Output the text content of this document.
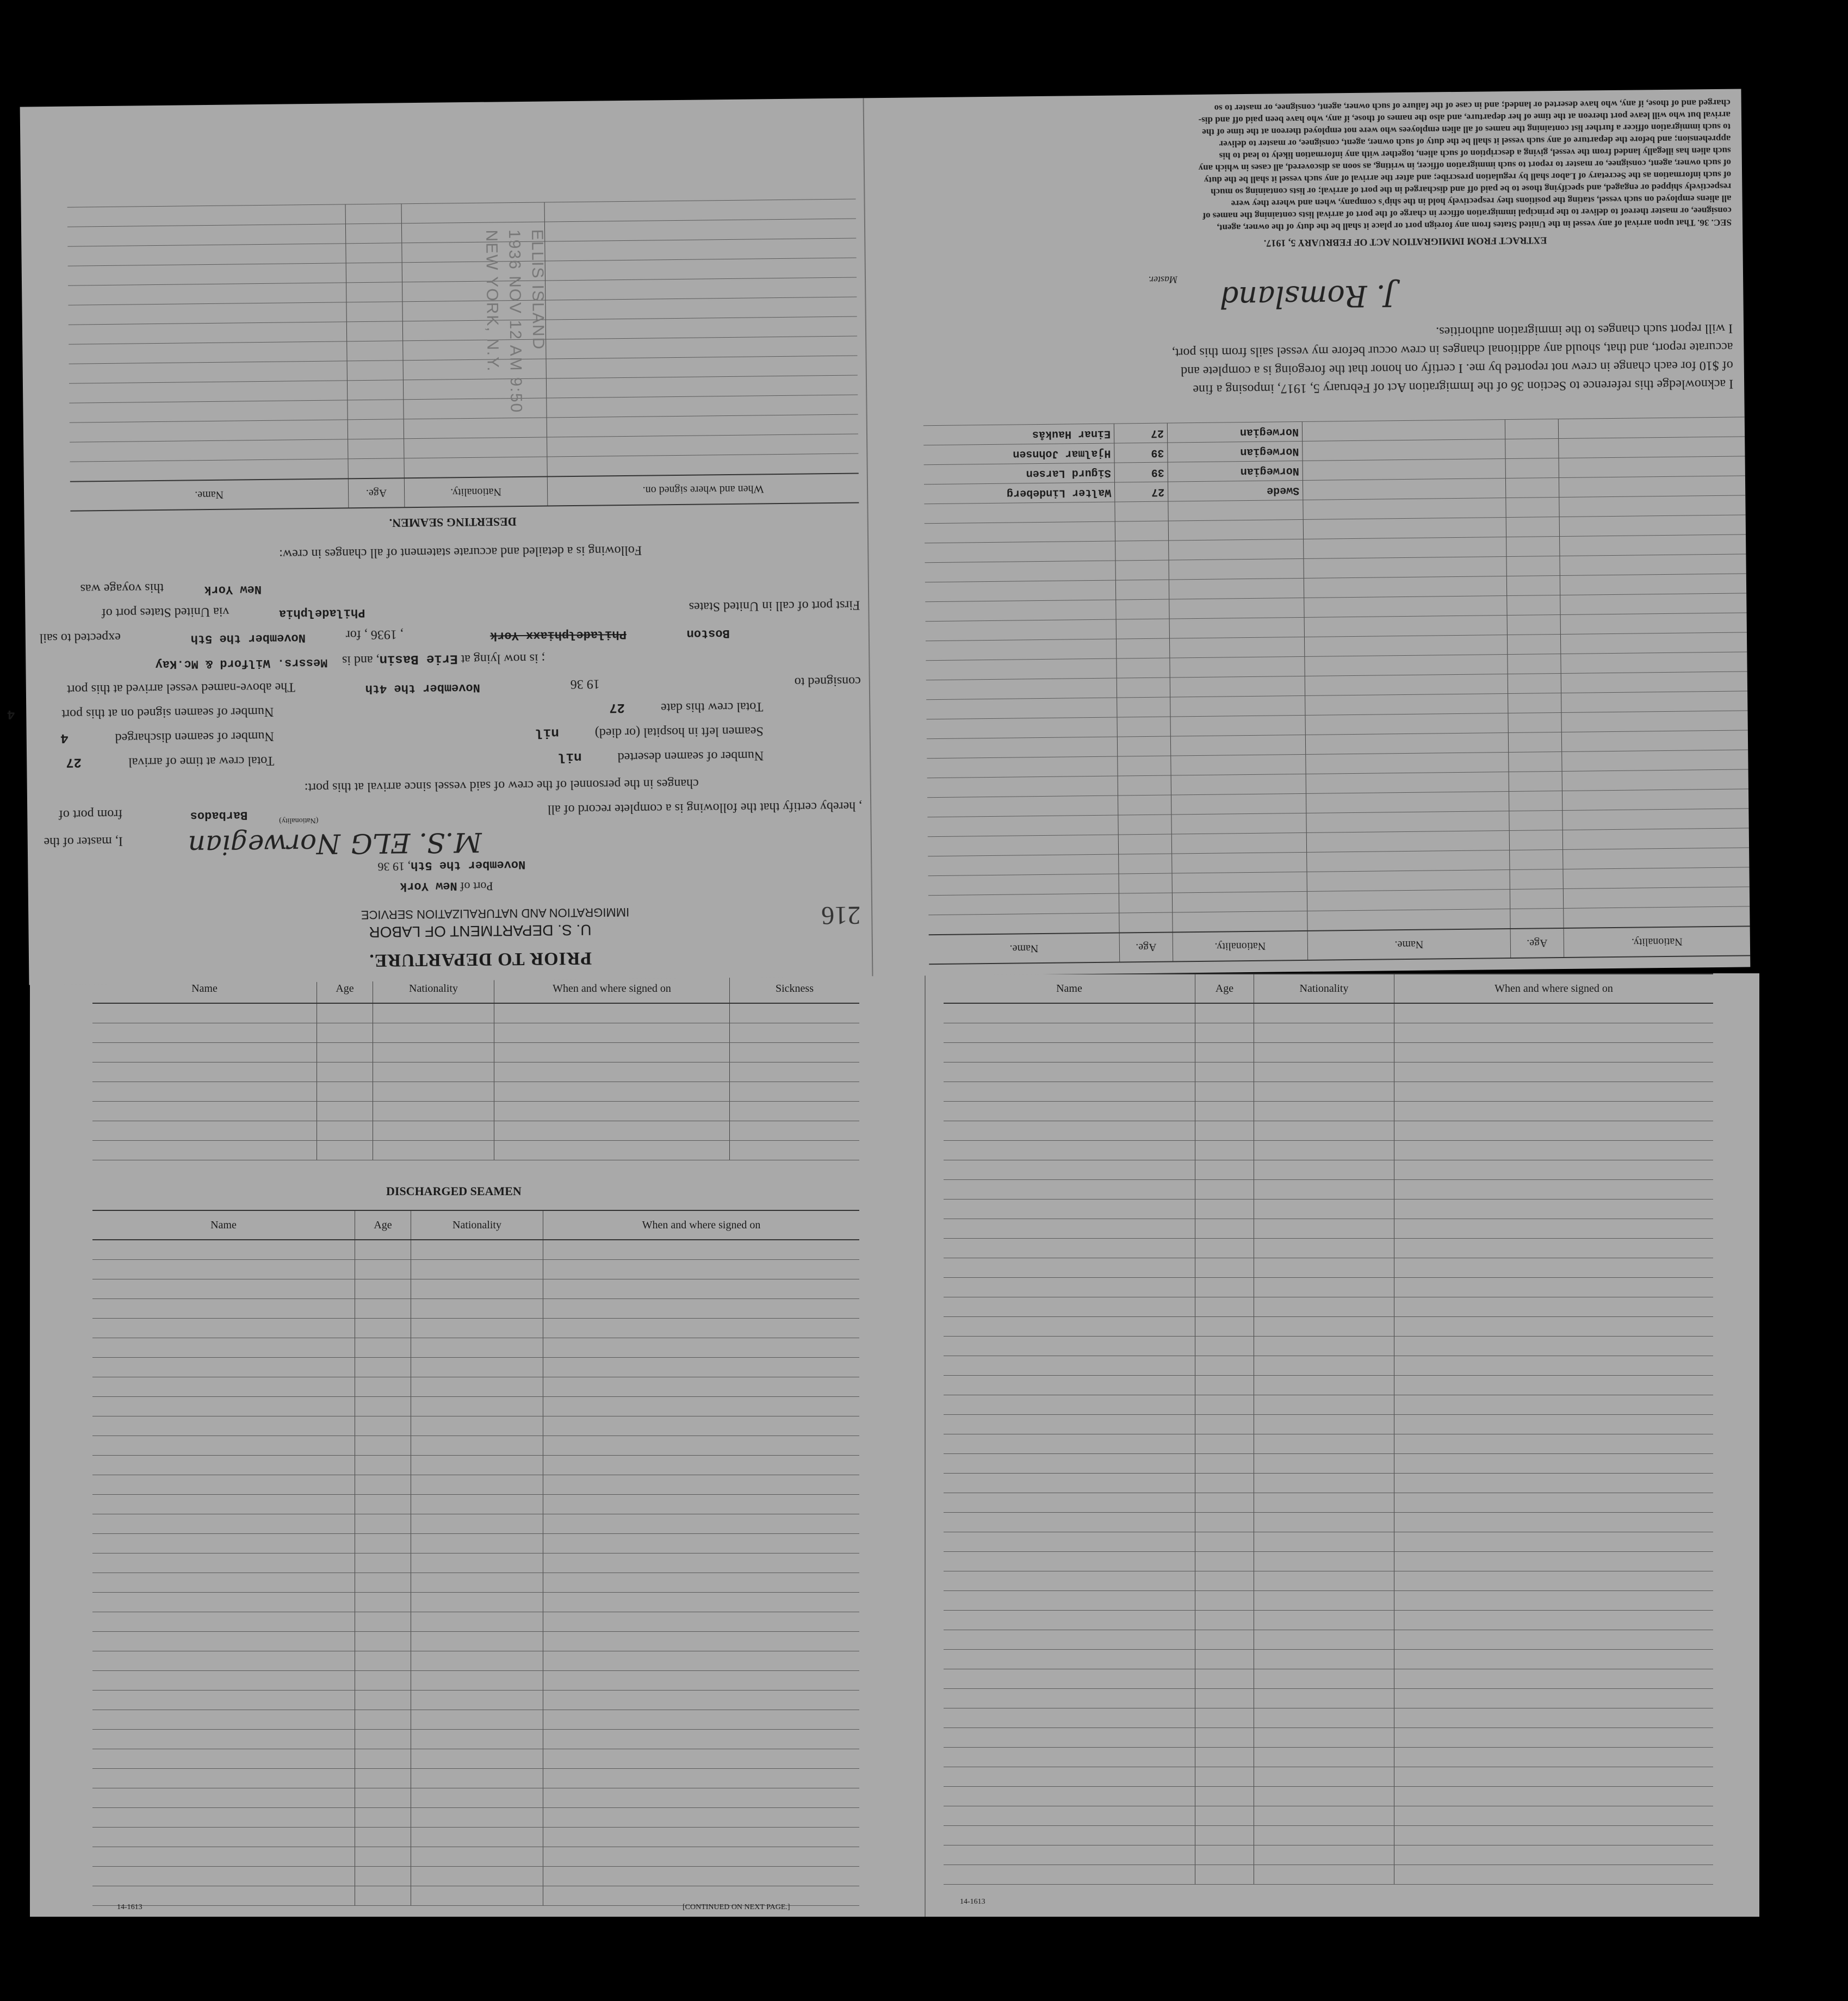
Name	Age	Nationality	When and where signed on	Sickness

DISCHARGED SEAMEN
Name	Age	Nationality	When and where signed on

14-1613	[CONTINUED ON NEXT PAGE.]
Name	Age	Nationality	When and where signed on

14-1613
PRIOR TO DEPARTURE.
U. S. DEPARTMENT OF LABOR
IMMIGRATION AND NATURALIZATION SERVICE	216
Port of New York
November the 5th, 19 36
I, master of the Norwegian
(Nationality)
M.S. ELG
, hereby certify that the following is a complete record of all
from port of	Barbados
changes in the personnel of the crew of said vessel since arrival at this port:
Total crew at time of arrival 27	Number of seamen deserted nil
Number of seamen discharged 4	Seamen left in hospital (or died) nil
Number of seamen signed on at this port 4	Total crew this date 27
The above-named vessel arrived at this port	November the 4th	19 36	consigned to
Messrs. Wilford & Mc.Kay	; is now lying at Erie Basin, and is
expected to sail	November the 5th	, 1936 , for	Philadelphiaxx York	Boston
via United States port of	Philadelphia	First port of call in United States
this voyage was	New York
Following is a detailed and accurate statement of all changes in crew:
DESERTING SEAMEN.
When and where signed on.	Nationality.	Age.	Name.

Nationality.	Age.	Name.	Nationality.	Age.	Name.

			Swede	27	Walter Lindeberg
			Norwegian	39	Sigurd Larsen
			Norwegian	39	Hjalmar Johnsen
			Norwegian	27	Einar Haukås
I acknowledge this reference to Section 36 of the Immigration Act of February 5, 1917, imposing a fine
of $10 for each change in crew not reported by me. I certify on honor that the foregoing is a complete and
accurate report, and that, should any additional changes in crew occur before my vessel sails from this port,
I will report such changes to the immigration authorities.
J. Romsland
Master.
EXTRACT FROM IMMIGRATION ACT OF FEBRUARY 5, 1917.
SEC. 36. That upon arrival of any vessel in the United States from any foreign port or place it shall be the duty of the owner, agent,
consignee, or master thereof to deliver to the principal immigration officer in charge of the port of arrival lists containing the names of
all aliens employed on such vessel, stating the positions they respectively hold in the ship's company, when and where they were
respectively shipped or engaged, and specifying those to be paid off and discharged in the port of arrival; or lists containing so much
of such information as the Secretary of Labor shall by regulation prescribe; and after the arrival of any such vessel it shall be the duty
of such owner, agent, consignee, or master to report to such immigration officer, in writing, as soon as discovered, all cases in which any
such alien has illegally landed from the vessel, giving a description of such alien, together with any information likely to lead to his
apprehension; and before the departure of any such vessel it shall be the duty of such owner, agent, consignee, or master to deliver
to such immigration officer a further list containing the names of all alien employees who were not employed thereon at the time of the
arrival but who will leave port thereon at the time of her departure, and also the names of those, if any, who have been paid off and dis-
charged and of those, if any, who have deserted or landed; and in case of the failure of such owner, agent, consignee, or master to so
ELLIS ISLAND
1936 NOV 12 AM 9:50
NEW YORK, N.Y.
